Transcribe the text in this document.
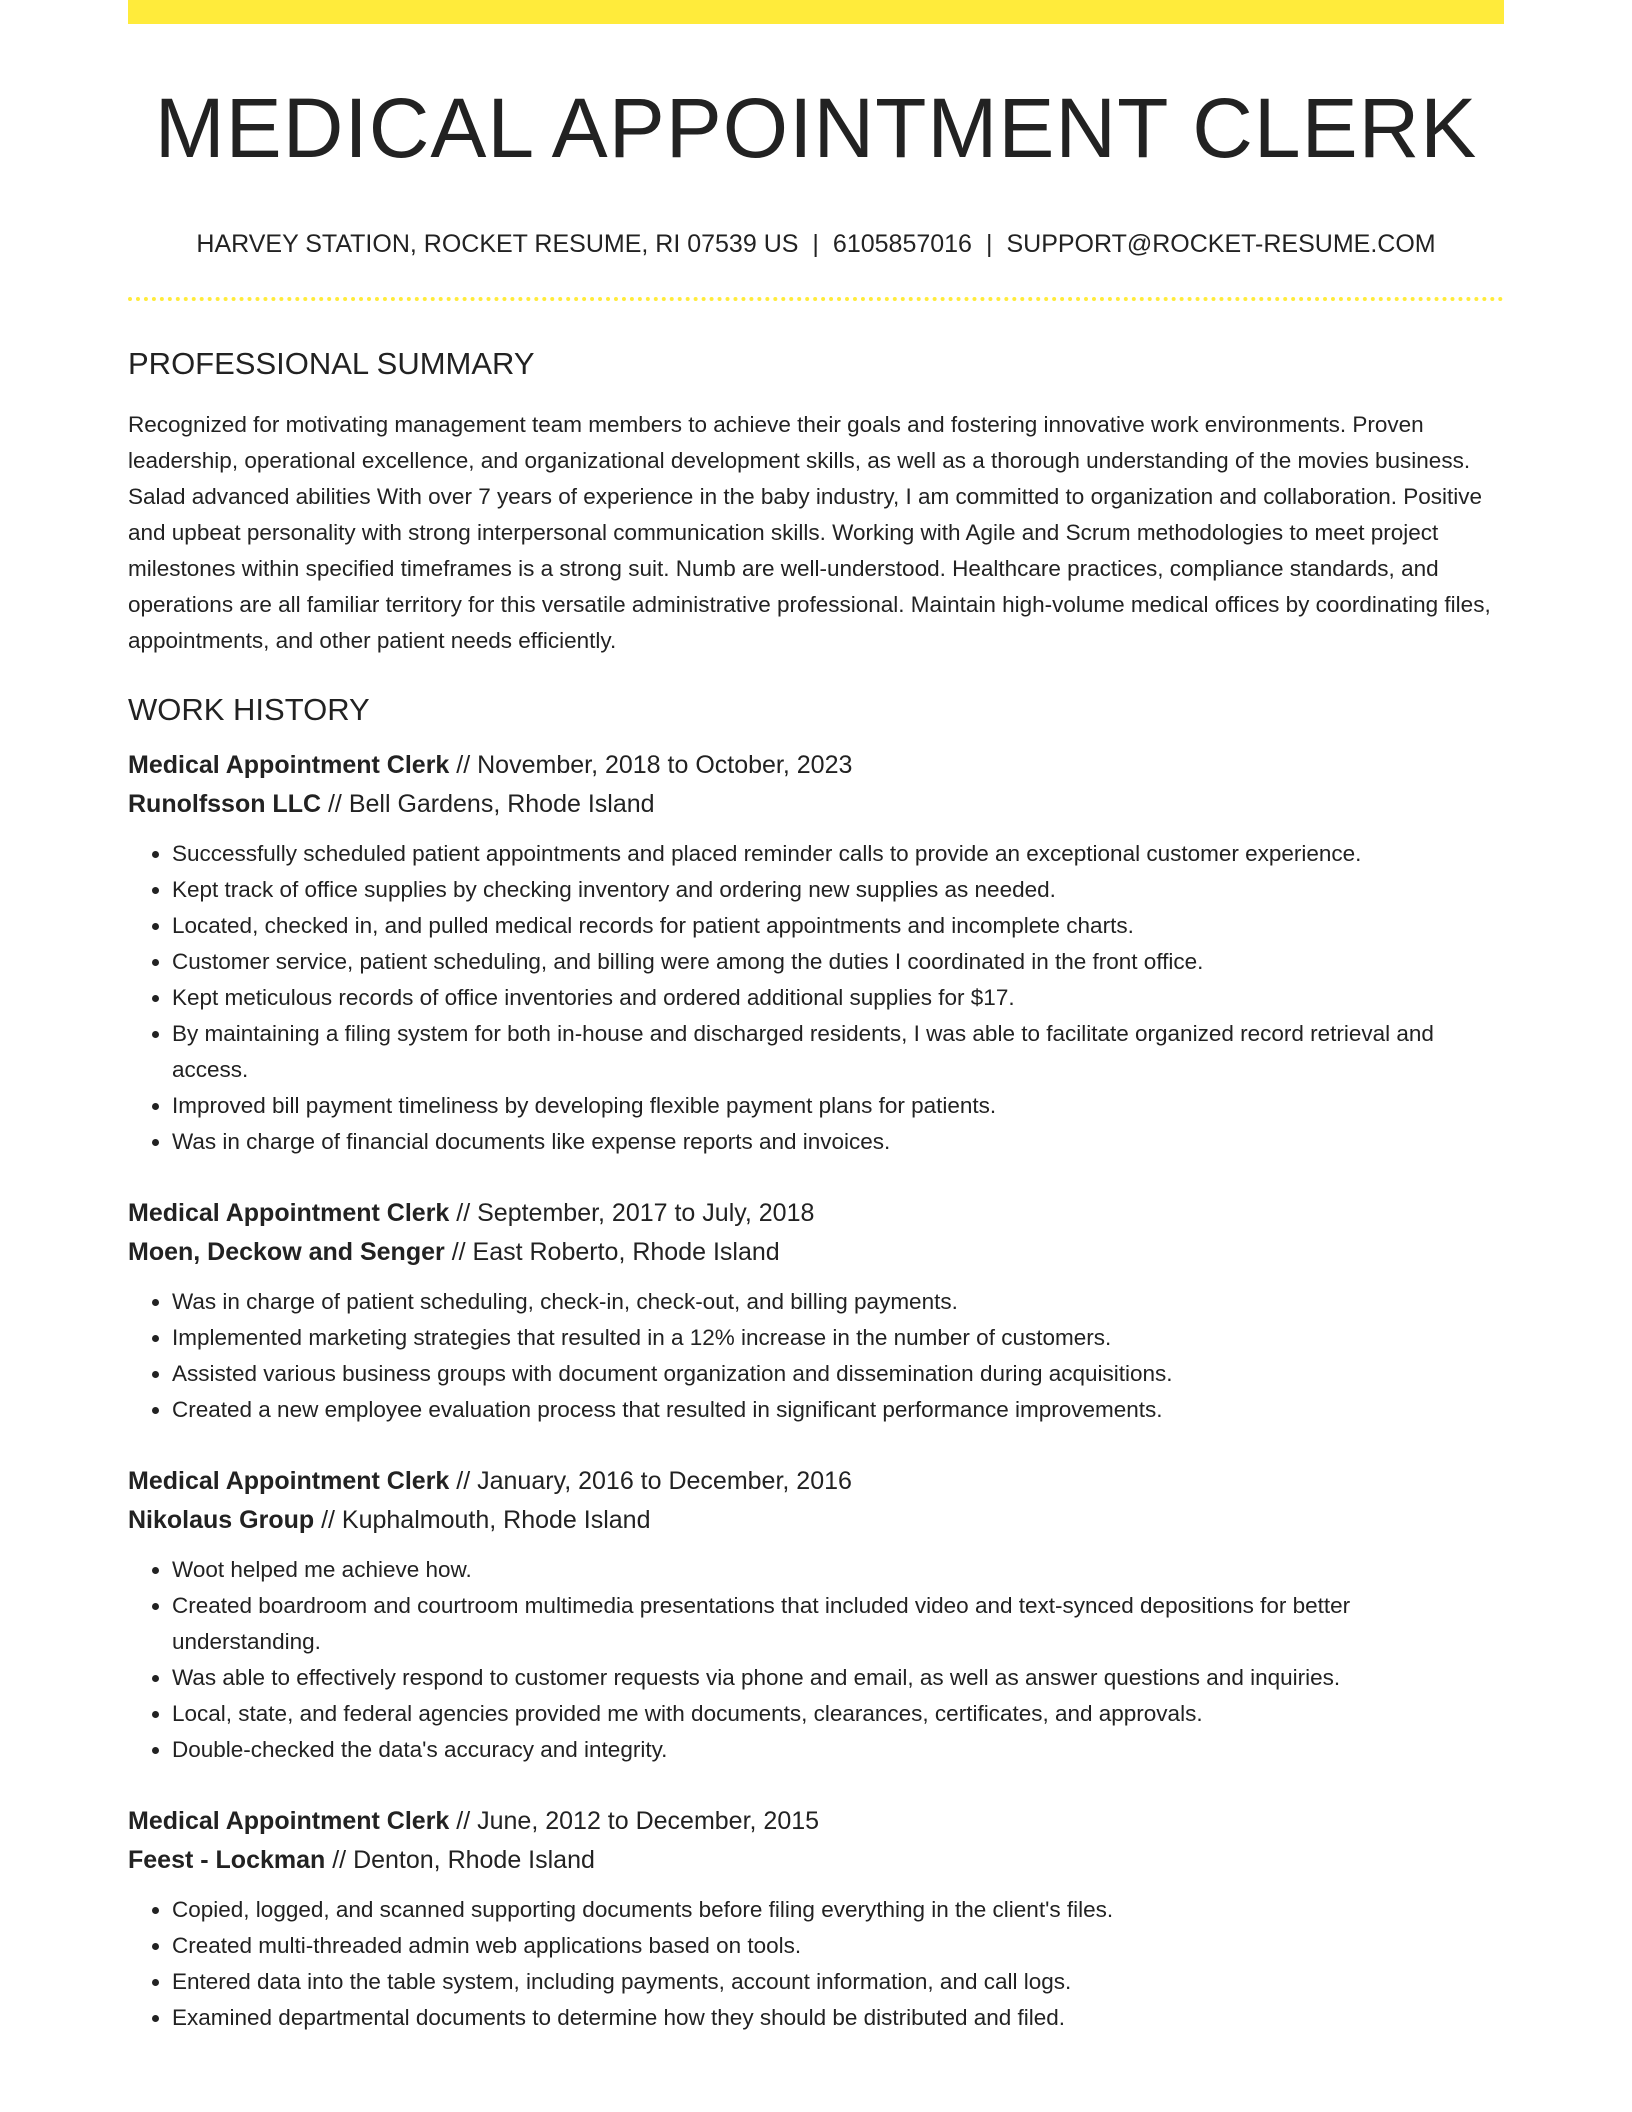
MEDICAL APPOINTMENT CLERK
HARVEY STATION, ROCKET RESUME, RI 07539 US | 6105857016 | SUPPORT@ROCKET-RESUME.COM
PROFESSIONAL SUMMARY

Recognized for motivating management team members to achieve their goals and fostering innovative work environments. Proven leadership, operational excellence, and organizational development skills, as well as a thorough understanding of the movies business. Salad advanced abilities With over 7 years of experience in the baby industry, I am committed to organization and collaboration. Positive and upbeat personality with strong interpersonal communication skills. Working with Agile and Scrum methodologies to meet project milestones within specified timeframes is a strong suit. Numb are well-understood. Healthcare practices, compliance standards, and operations are all familiar territory for this versatile administrative professional. Maintain high-volume medical offices by coordinating files, appointments, and other patient needs efficiently.

WORK HISTORY
Medical Appointment Clerk // November, 2018 to October, 2023
Runolfsson LLC // Bell Gardens, Rhode Island
• Successfully scheduled patient appointments and placed reminder calls to provide an exceptional customer experience.
• Kept track of office supplies by checking inventory and ordering new supplies as needed.
• Located, checked in, and pulled medical records for patient appointments and incomplete charts.
• Customer service, patient scheduling, and billing were among the duties I coordinated in the front office.
• Kept meticulous records of office inventories and ordered additional supplies for $17.
• By maintaining a filing system for both in-house and discharged residents, I was able to facilitate organized record retrieval and access.
• Improved bill payment timeliness by developing flexible payment plans for patients.
• Was in charge of financial documents like expense reports and invoices.
Medical Appointment Clerk // September, 2017 to July, 2018
Moen, Deckow and Senger // East Roberto, Rhode Island
• Was in charge of patient scheduling, check-in, check-out, and billing payments.
• Implemented marketing strategies that resulted in a 12% increase in the number of customers.
• Assisted various business groups with document organization and dissemination during acquisitions.
• Created a new employee evaluation process that resulted in significant performance improvements.
Medical Appointment Clerk // January, 2016 to December, 2016
Nikolaus Group // Kuphalmouth, Rhode Island
• Woot helped me achieve how.
• Created boardroom and courtroom multimedia presentations that included video and text-synced depositions for better understanding.
• Was able to effectively respond to customer requests via phone and email, as well as answer questions and inquiries.
• Local, state, and federal agencies provided me with documents, clearances, certificates, and approvals.
• Double-checked the data's accuracy and integrity.
Medical Appointment Clerk // June, 2012 to December, 2015
Feest - Lockman // Denton, Rhode Island
• Copied, logged, and scanned supporting documents before filing everything in the client's files.
• Created multi-threaded admin web applications based on tools.
• Entered data into the table system, including payments, account information, and call logs.
• Examined departmental documents to determine how they should be distributed and filed.
